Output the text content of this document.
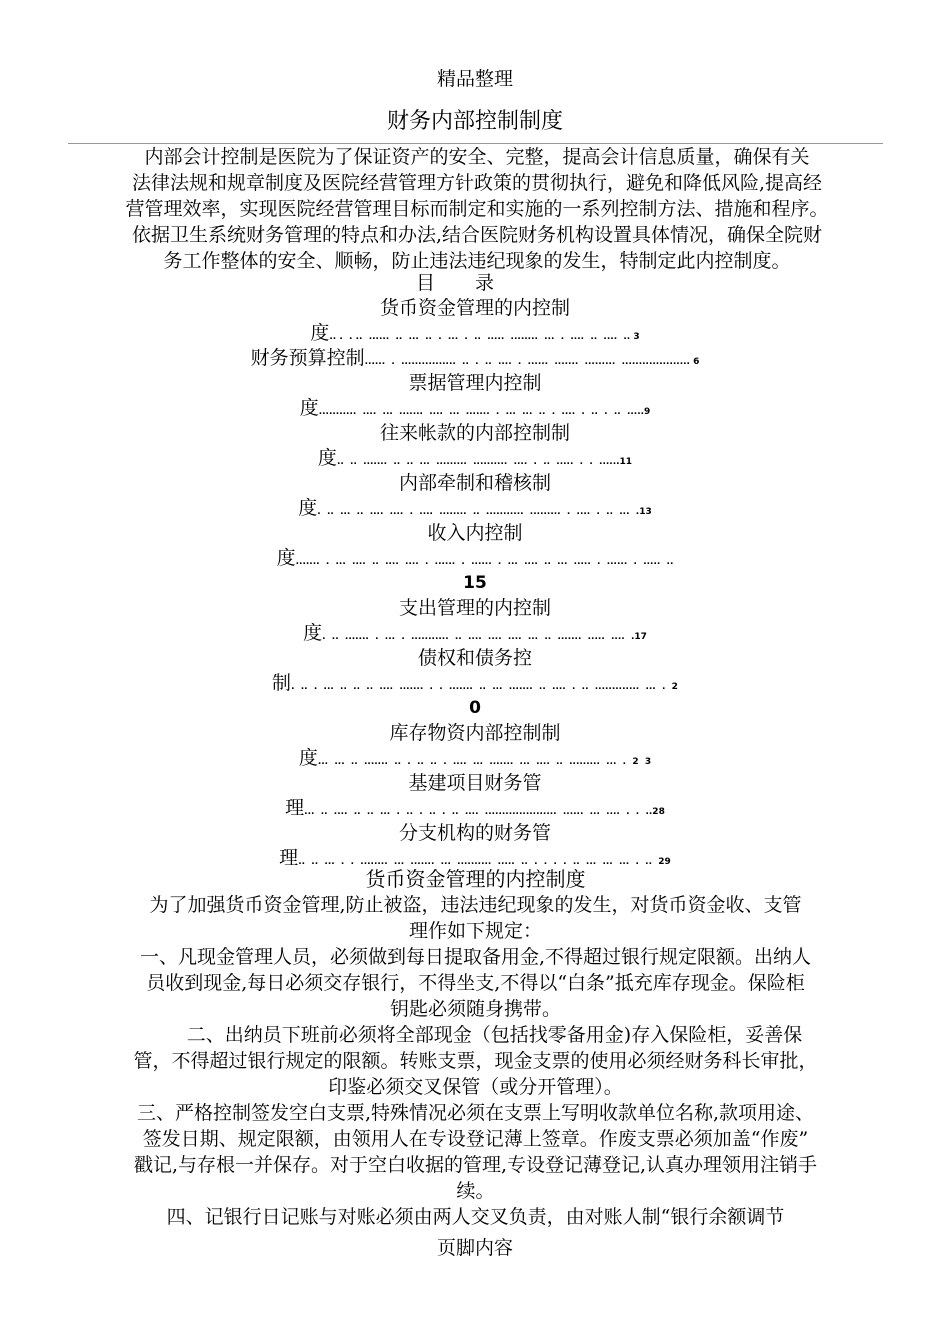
精品整理
财务内部控制制度
内部会计控制是医院为了保证资产的安全、完整，提高会计信息质量，确保有关
法律法规和规章制度及医院经营管理方针政策的贯彻执行，避免和降低风险,提高经
营管理效率，实现医院经营管理目标而制定和实施的一系列控制方法、措施和程序。
依据卫生系统财务管理的特点和办法,结合医院财务机构设置具体情况，确保全院财
务工作整体的安全、顺畅，防止违法违纪现象的发生，特制定此内控制度。
目录
货币资金管理的内控制
度.. .  . ..  ......  ..  ...  ..  .  ...  .  ..  .....  ........  ...  .  ....  ..  ....  .. 3
财务预算控制......  .  ................  ..  .  ..  ....  .  ......  .......  .........  .................... 6
票据管理内控制
度...........  ....  ...  .......  ....  ...  .......  .  ...  ...  ..  .  ....  .  ..  .  ..  .....9
往来帐款的内部控制制
度..  ..  .......  ..  ..  ...  .........  ..........  ....  .  ..  .....  .  .  ......11
内部牵制和稽核制
度.  ..  ...  ..  ....  ....  .  ....  ........  ..  ...........  .........  .  ....  .  ..  ...  .13
收入内控制
度.......  .  ...  ....  ..  ....  ....  .  ......  .  ......  .  ...  ....  ..  ...  .....  .  ......  .  .....  ..
15
支出管理的内控制
度.  ..  .......  .  ...  .  ...........  ..  ....  ....  ....  ...  ..  .......  .....  ....  .17
债权和债务控
制.  ..  .  ...  ..  ..  ..  ....  .......  .  .  .......  ..  ...  .......  ..  ....  .  ..  .............  ...  .  2
0
库存物资内部控制制
度...  ...  ..  .......  ..  .  ..  ..  .  ....  ...  .......  ...  ....  ..  .........  ...  .  2  3
基建项目财务管
理...  ..  ....  ..  ..  ...  .  ..  .  ..  .  ..  ....  .....................  ......  ...  ....  .  .  ..28
分支机构的财务管
理..  ..  ...  .  .  ........  ...  .......  ...  ..........  .....  ..  .  .  .  .  ..  ...  ...  ...  .  ..  29
货币资金管理的内控制度
为了加强货币资金管理,防止被盗，违法违纪现象的发生，对货币资金收、支管
理作如下规定：
一、凡现金管理人员，必须做到每日提取备用金,不得超过银行规定限额。出纳人
员收到现金,每日必须交存银行，不得坐支,不得以“白条”抵充库存现金。保险柜
钥匙必须随身携带。
　　二、出纳员下班前必须将全部现金（包括找零备用金)存入保险柜，妥善保
管，不得超过银行规定的限额。转账支票，现金支票的使用必须经财务科长审批，
印鉴必须交叉保管（或分开管理）。
三、严格控制签发空白支票,特殊情况必须在支票上写明收款单位名称,款项用途、
签发日期、规定限额，由领用人在专设登记薄上签章。作废支票必须加盖“作废”
戳记,与存根一并保存。对于空白收据的管理,专设登记薄登记,认真办理领用注销手
续。
四、记银行日记账与对账必须由两人交叉负责，由对账人制“银行余额调节
页脚内容
